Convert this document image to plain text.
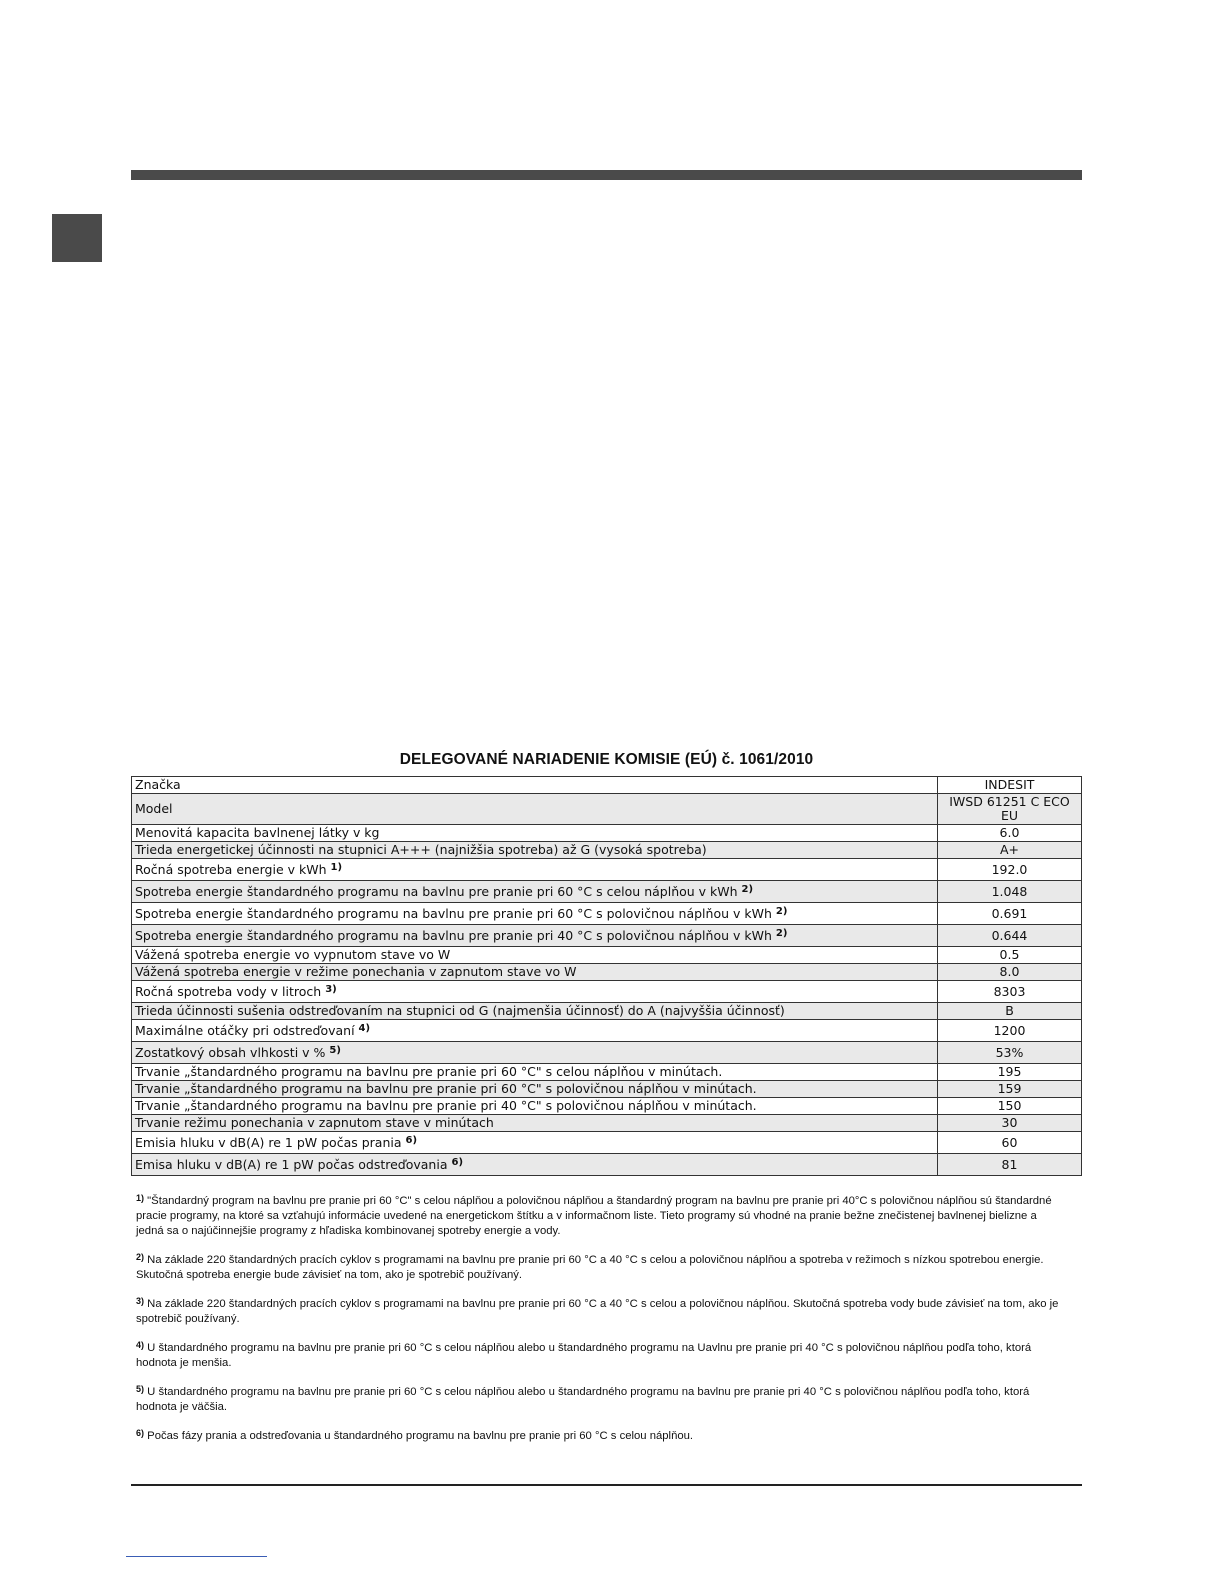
DELEGOVANÉ NARIADENIE KOMISIE (EÚ) č. 1061/2010
Značka	INDESIT
Model	IWSD 61251 C ECO EU
Menovitá kapacita bavlnenej látky v kg	6.0
Trieda energetickej účinnosti na stupnici A+++ (najnižšia spotreba) až G (vysoká spotreba)	A+
Ročná spotreba energie v kWh $^{1)}$	192.0
Spotreba energie štandardného programu na bavlnu pre pranie pri 60 °C s celou náplňou v kWh $^{2)}$	1.048
Spotreba energie štandardného programu na bavlnu pre pranie pri 60 °C s polovičnou náplňou v kWh $^{2)}$	0.691
Spotreba energie štandardného programu na bavlnu pre pranie pri 40 °C s polovičnou náplňou v kWh $^{2)}$	0.644
Vážená spotreba energie vo vypnutom stave vo W	0.5
Vážená spotreba energie v režime ponechania v zapnutom stave vo W	8.0
Ročná spotreba vody v litroch $^{3)}$	8303
Trieda účinnosti sušenia odstreďovaním na stupnici od G (najmenšia účinnosť) do A (najvyššia účinnosť)	B
Maximálne otáčky pri odstreďovaní $^{4)}$	1200
Zostatkový obsah vlhkosti v % $^{5)}$	53%
Trvanie „štandardného programu na bavlnu pre pranie pri 60 °C" s celou náplňou v minútach.	195
Trvanie „štandardného programu na bavlnu pre pranie pri 60 °C" s polovičnou náplňou v minútach.	159
Trvanie „štandardného programu na bavlnu pre pranie pri 40 °C" s polovičnou náplňou v minútach.	150
Trvanie režimu ponechania v zapnutom stave v minútach	30
Emisia hluku v dB(A) re 1 pW počas prania $^{6)}$	60
Emisa hluku v dB(A) re 1 pW počas odstreďovania $^{6)}$	81
$^{1)}$ "Štandardný program na bavlnu pre pranie pri 60 °C" s celou náplňou a polovičnou náplňou a štandardný program na bavlnu pre pranie pri 40°C s polovičnou náplňou sú štandardné pracie programy, na ktoré sa vzťahujú informácie uvedené na energetickom štítku a v informačnom liste. Tieto programy sú vhodné na pranie bežne znečistenej bavlnenej bielizne a jedná sa o najúčinnejšie programy z hľadiska kombinovanej spotreby energie a vody.
$^{2)}$ Na základe 220 štandardných pracích cyklov s programami na bavlnu pre pranie pri 60 °C a 40 °C s celou a polovičnou náplňou a spotreba v režimoch s nízkou spotrebou energie. Skutočná spotreba energie bude závisieť na tom, ako je spotrebič používaný.
$^{3)}$ Na základe 220 štandardných pracích cyklov s programami na bavlnu pre pranie pri 60 °C a 40 °C s celou a polovičnou náplňou. Skutočná spotreba vody bude závisieť na tom, ako je spotrebič používaný.
$^{4)}$ U štandardného programu na bavlnu pre pranie pri 60 °C s celou náplňou alebo u štandardného programu na Uavlnu pre pranie pri 40 °C s polovičnou náplňou podľa toho, ktorá hodnota je menšia.
$^{5)}$ U štandardného programu na bavlnu pre pranie pri 60 °C s celou náplňou alebo u štandardného programu na bavlnu pre pranie pri 40 °C s polovičnou náplňou podľa toho, ktorá hodnota je väčšia.
$^{6)}$ Počas fázy prania a odstreďovania u štandardného programu na bavlnu pre pranie pri 60 °C s celou náplňou.
